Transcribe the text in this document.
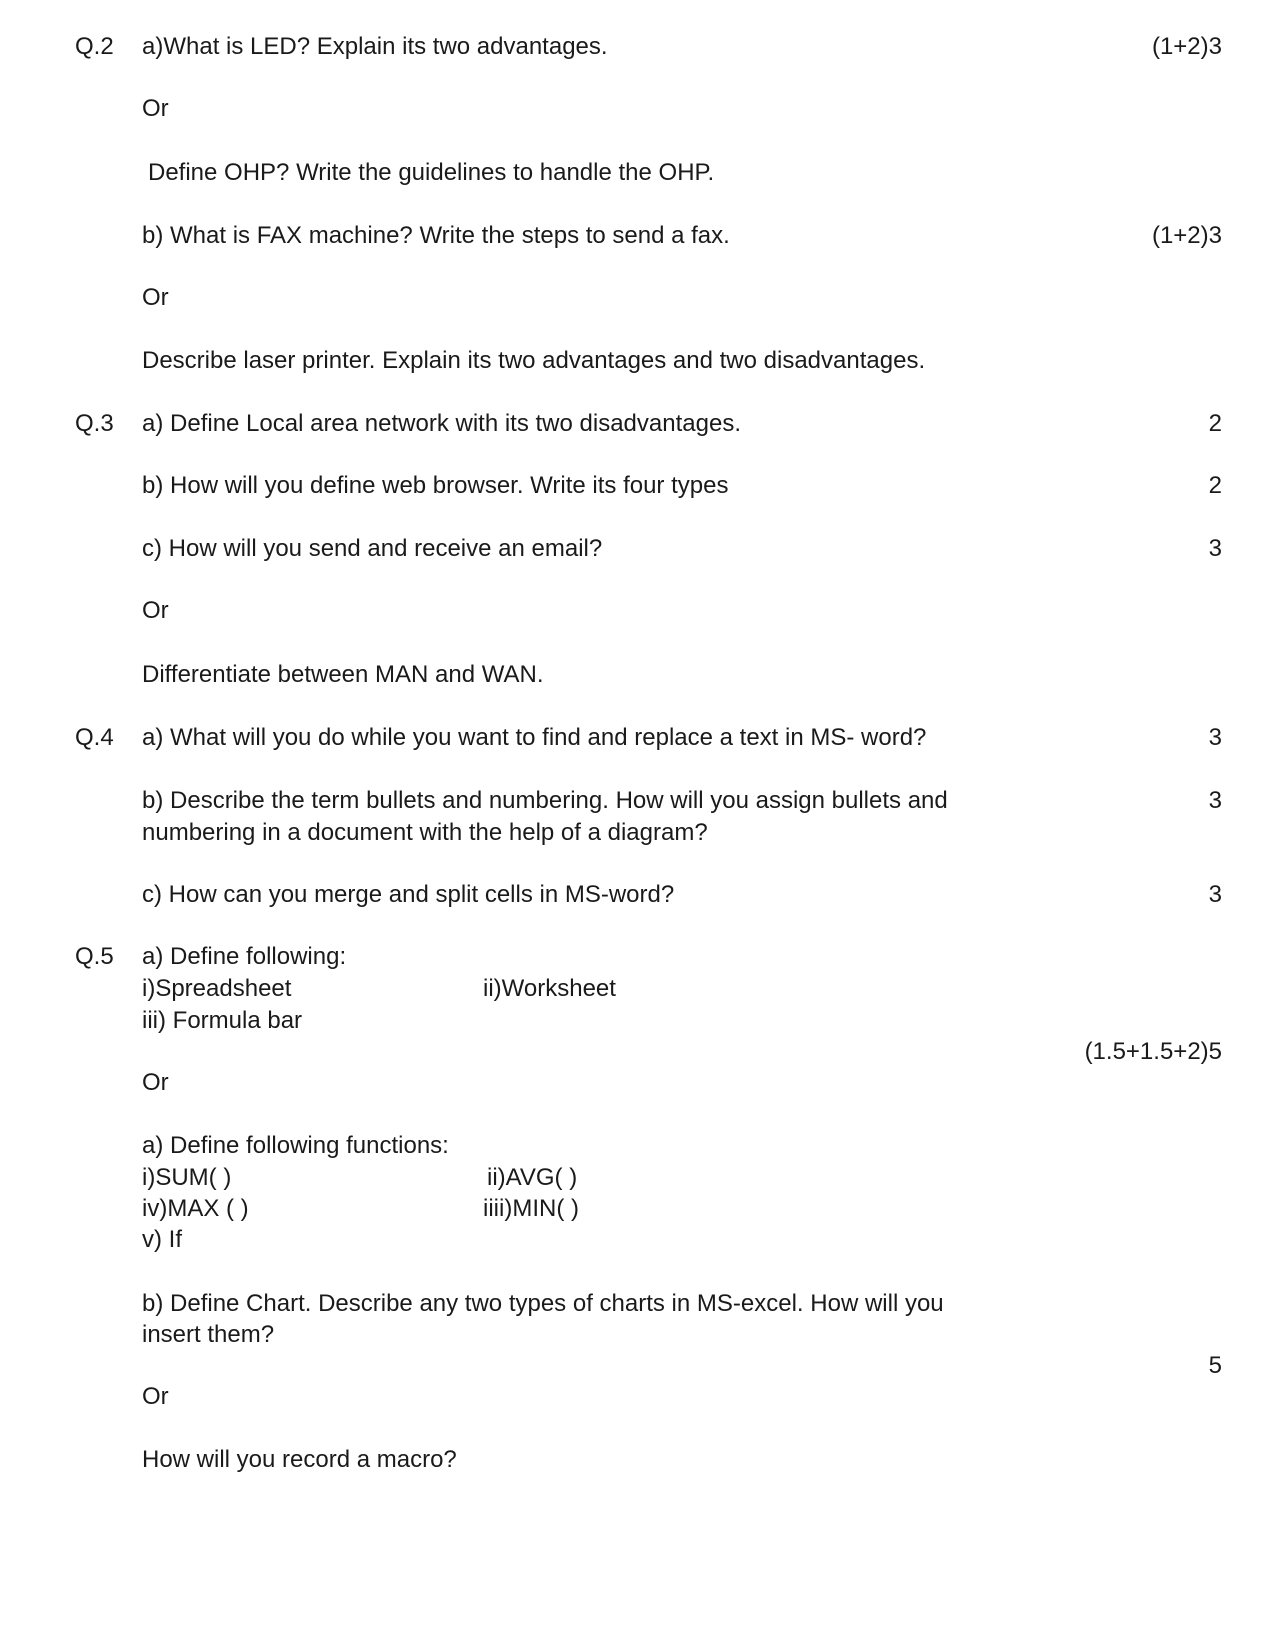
Q.2 a)What is LED? Explain its two advantages.	(1+2)3
Or
Define OHP? Write the guidelines to handle the OHP.
b) What is FAX machine? Write the steps to send a fax.	(1+2)3
Or
Describe laser printer. Explain its two advantages and two disadvantages.
Q.3 a) Define Local area network with its two disadvantages.	2
b) How will you define web browser. Write its four types	2
c) How will you send and receive an email?	3
Or
Differentiate between MAN and WAN.
Q.4 a) What will you do while you want to find and replace a text in MS- word?	3
b) Describe the term bullets and numbering. How will you assign bullets and	3
numbering in a document with the help of a diagram?
c) How can you merge and split cells in MS-word?	3
Q.5 a) Define following:
i)Spreadsheet	ii)Worksheet
iii) Formula bar
(1.5+1.5+2)5
Or
a) Define following functions:
i)SUM( )	ii)AVG( )
iv)MAX ( )	iiii)MIN( )
v) If
b) Define Chart. Describe any two types of charts in MS-excel. How will you
insert them?
5
Or
How will you record a macro?
